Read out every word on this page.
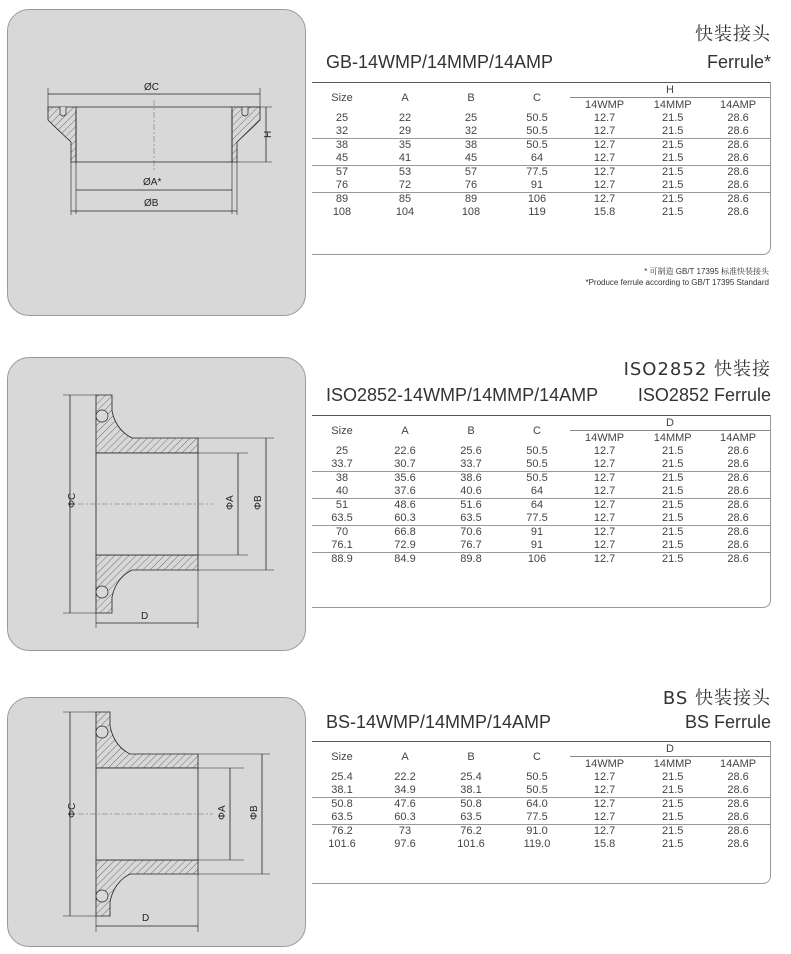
ØC
H
ØA*
ØB
快装接头
Ferrule*
GB-14WMP/14MMP/14AMP
Size	A	B	C	H		
				14WMP	14MMP	14AMP
25	22	25	50.5	12.7	21.5	28.6
32	29	32	50.5	12.7	21.5	28.6
38	35	38	50.5	12.7	21.5	28.6
45	41	45	64	12.7	21.5	28.6
57	53	57	77.5	12.7	21.5	28.6
76	72	76	91	12.7	21.5	28.6
89	85	89	106	12.7	21.5	28.6
108	104	108	119	15.8	21.5	28.6
* 可制造 GB/T 17395 标准快装接头
*Produce ferrule according to GB/T 17395 Standard
ΦC	ΦA ΦB
D
ISO2852 快装接
ISO2852 Ferrule
ISO2852-14WMP/14MMP/14AMP
Size	A	B	C	D		
				14WMP	14MMP	14AMP
25	22.6	25.6	50.5	12.7	21.5	28.6
33.7	30.7	33.7	50.5	12.7	21.5	28.6
38	35.6	38.6	50.5	12.7	21.5	28.6
40	37.6	40.6	64	12.7	21.5	28.6
51	48.6	51.6	64	12.7	21.5	28.6
63.5	60.3	63.5	77.5	12.7	21.5	28.6
70	66.8	70.6	91	12.7	21.5	28.6
76.1	72.9	76.7	91	12.7	21.5	28.6
88.9	84.9	89.8	106	12.7	21.5	28.6
ΦC	ΦA ΦB
D
BS 快装接头
BS Ferrule
BS-14WMP/14MMP/14AMP
Size	A	B	C	D		
				14WMP	14MMP	14AMP
25.4	22.2	25.4	50.5	12.7	21.5	28.6
38.1	34.9	38.1	50.5	12.7	21.5	28.6
50.8	47.6	50.8	64.0	12.7	21.5	28.6
63.5	60.3	63.5	77.5	12.7	21.5	28.6
76.2	73	76.2	91.0	12.7	21.5	28.6
101.6	97.6	101.6	119.0	15.8	21.5	28.6
